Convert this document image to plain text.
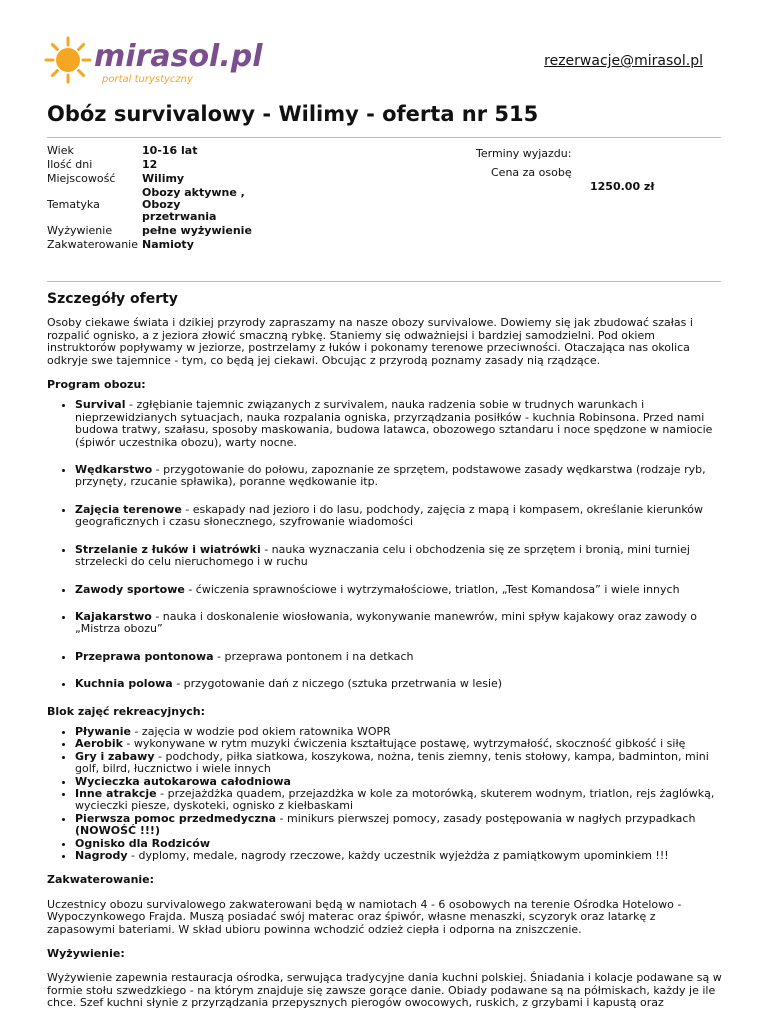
mirasol.pl
portal turystyczny
rezerwacje@mirasol.pl
Obóz survivalowy - Wilimy - oferta nr 515
Wiek	10-16 lat
Ilość dni	12
Miejscowość	Wilimy
Tematyka	Obozy aktywne , Obozy przetrwania
Wyżywienie	pełne wyżywienie
Zakwaterowanie	Namioty
Terminy wyjazdu:
Cena za osobę
1250.00 zł
Szczegóły oferty

Osoby ciekawe świata i dzikiej przyrody zapraszamy na nasze obozy survivalowe. Dowiemy się jak zbudować szałas i rozpalić ognisko, a z jeziora złowić smaczną rybkę. Staniemy się odważniejsi i bardziej samodzielni. Pod okiem instruktorów popływamy w jeziorze, postrzelamy z łuków i pokonamy terenowe przeciwności. Otaczająca nas okolica odkryje swe tajemnice - tym, co będą jej ciekawi. Obcując z przyrodą poznamy zasady nią rządzące.

Program obozu:
• Survival - zgłębianie tajemnic związanych z survivalem, nauka radzenia sobie w trudnych warunkach i nieprzewidzianych sytuacjach, nauka rozpalania ogniska, przyrządzania posiłków - kuchnia Robinsona. Przed nami budowa tratwy, szałasu, sposoby maskowania, budowa latawca, obozowego sztandaru i noce spędzone w namiocie (śpiwór uczestnika obozu), warty nocne.
• Wędkarstwo - przygotowanie do połowu, zapoznanie ze sprzętem, podstawowe zasady wędkarstwa (rodzaje ryb, przynęty, rzucanie spławika), poranne wędkowanie itp.
• Zajęcia terenowe - eskapady nad jezioro i do lasu, podchody, zajęcia z mapą i kompasem, określanie kierunków geograficznych i czasu słonecznego, szyfrowanie wiadomości
• Strzelanie z łuków i wiatrówki - nauka wyznaczania celu i obchodzenia się ze sprzętem i bronią, mini turniej strzelecki do celu nieruchomego i w ruchu
• Zawody sportowe - ćwiczenia sprawnościowe i wytrzymałościowe, triatlon, „Test Komandosa” i wiele innych
• Kajakarstwo - nauka i doskonalenie wiosłowania, wykonywanie manewrów, mini spływ kajakowy oraz zawody o „Mistrza obozu”
• Przeprawa pontonowa - przeprawa pontonem i na detkach
• Kuchnia polowa - przygotowanie dań z niczego (sztuka przetrwania w lesie)
Blok zajęć rekreacyjnych:
• Pływanie - zajęcia w wodzie pod okiem ratownika WOPR
• Aerobik - wykonywane w rytm muzyki ćwiczenia kształtujące postawę, wytrzymałość, skoczność gibkość i siłę
• Gry i zabawy - podchody, piłka siatkowa, koszykowa, nożna, tenis ziemny, tenis stołowy, kampa, badminton, mini golf, bilrd, łucznictwo i wiele innych
• Wycieczka autokarowa całodniowa
• Inne atrakcje - przejażdżka quadem, przejazdżka w kole za motorówką, skuterem wodnym, triatlon, rejs żaglówką, wycieczki piesze, dyskoteki, ognisko z kiełbaskami
• Pierwsza pomoc przedmedyczna - minikurs pierwszej pomocy, zasady postępowania w nagłych przypadkach
(NOWOŚĆ !!!)
• Ognisko dla Rodziców
• Nagrody - dyplomy, medale, nagrody rzeczowe, każdy uczestnik wyjeżdża z pamiątkowym upominkiem !!!
Zakwaterowanie:

Uczestnicy obozu survivalowego zakwaterowani będą w namiotach 4 - 6 osobowych na terenie Ośrodka Hotelowo - Wypoczynkowego Frajda. Muszą posiadać swój materac oraz śpiwór, własne menaszki, scyzoryk oraz latarkę z zapasowymi bateriami. W skład ubioru powinna wchodzić odzież ciepła i odporna na zniszczenie.

Wyżywienie:

Wyżywienie zapewnia restauracja ośrodka, serwująca tradycyjne dania kuchni polskiej. Śniadania i kolacje podawane są w formie stołu szwedzkiego - na którym znajduje się zawsze gorące danie. Obiady podawane są na półmiskach, każdy je ile chce. Szef kuchni słynie z przyrządzania przepysznych pierogów owocowych, ruskich, z grzybami i kapustą oraz
